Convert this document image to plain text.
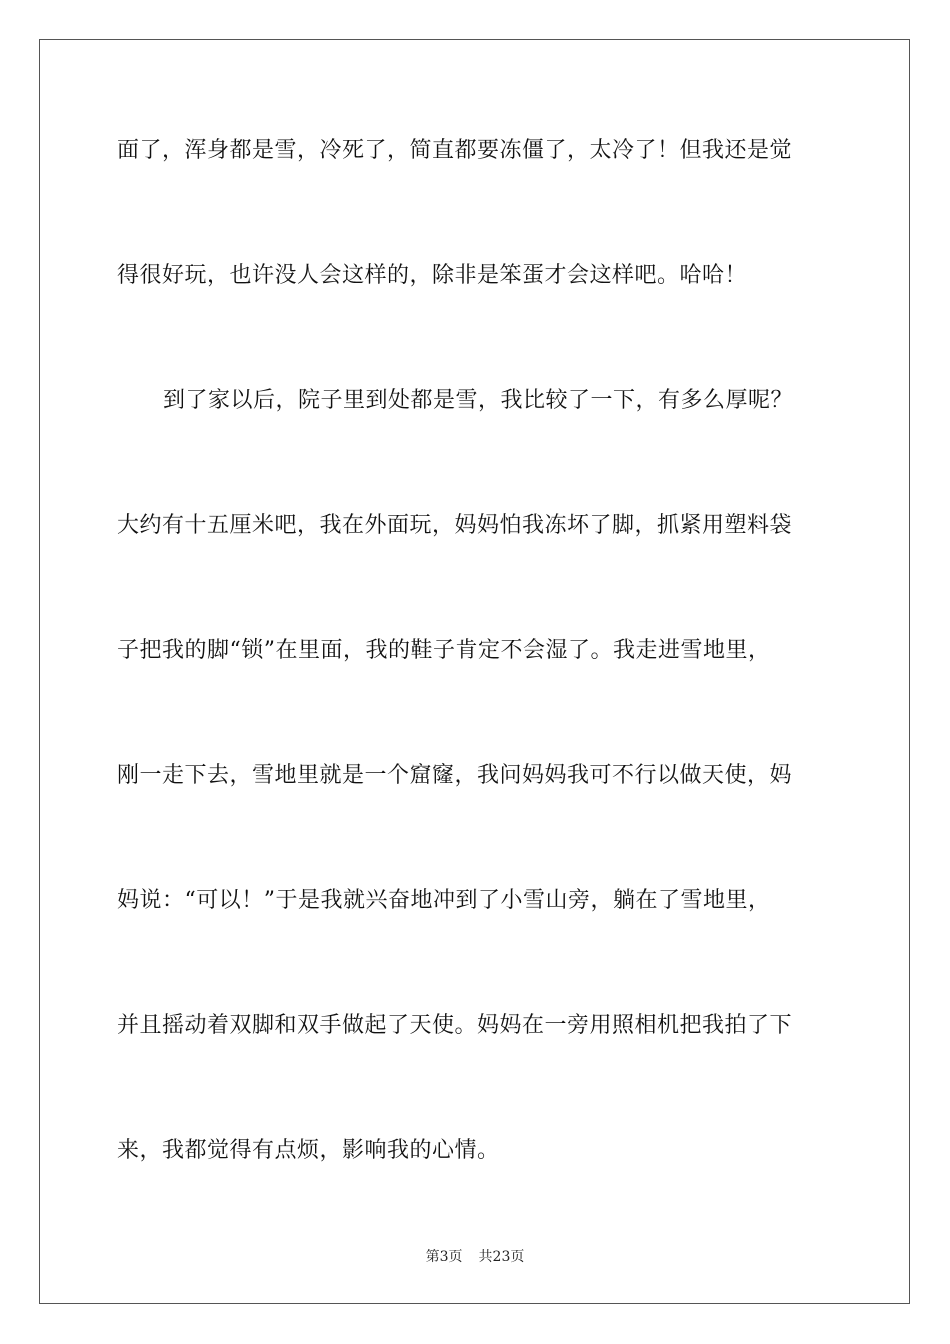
面了，浑身都是雪，冷死了，简直都要冻僵了，太冷了！但我还是觉
得很好玩，也许没人会这样的，除非是笨蛋才会这样吧。哈哈！
到了家以后，院子里到处都是雪，我比较了一下，有多么厚呢？
大约有十五厘米吧，我在外面玩，妈妈怕我冻坏了脚，抓紧用塑料袋
子把我的脚“锁”在里面，我的鞋子肯定不会湿了。我走进雪地里，
刚一走下去，雪地里就是一个窟窿，我问妈妈我可不行以做天使，妈
妈说：“可以！”于是我就兴奋地冲到了小雪山旁，躺在了雪地里，
并且摇动着双脚和双手做起了天使。妈妈在一旁用照相机把我拍了下
来，我都觉得有点烦，影响我的心情。
第3页 共23页
